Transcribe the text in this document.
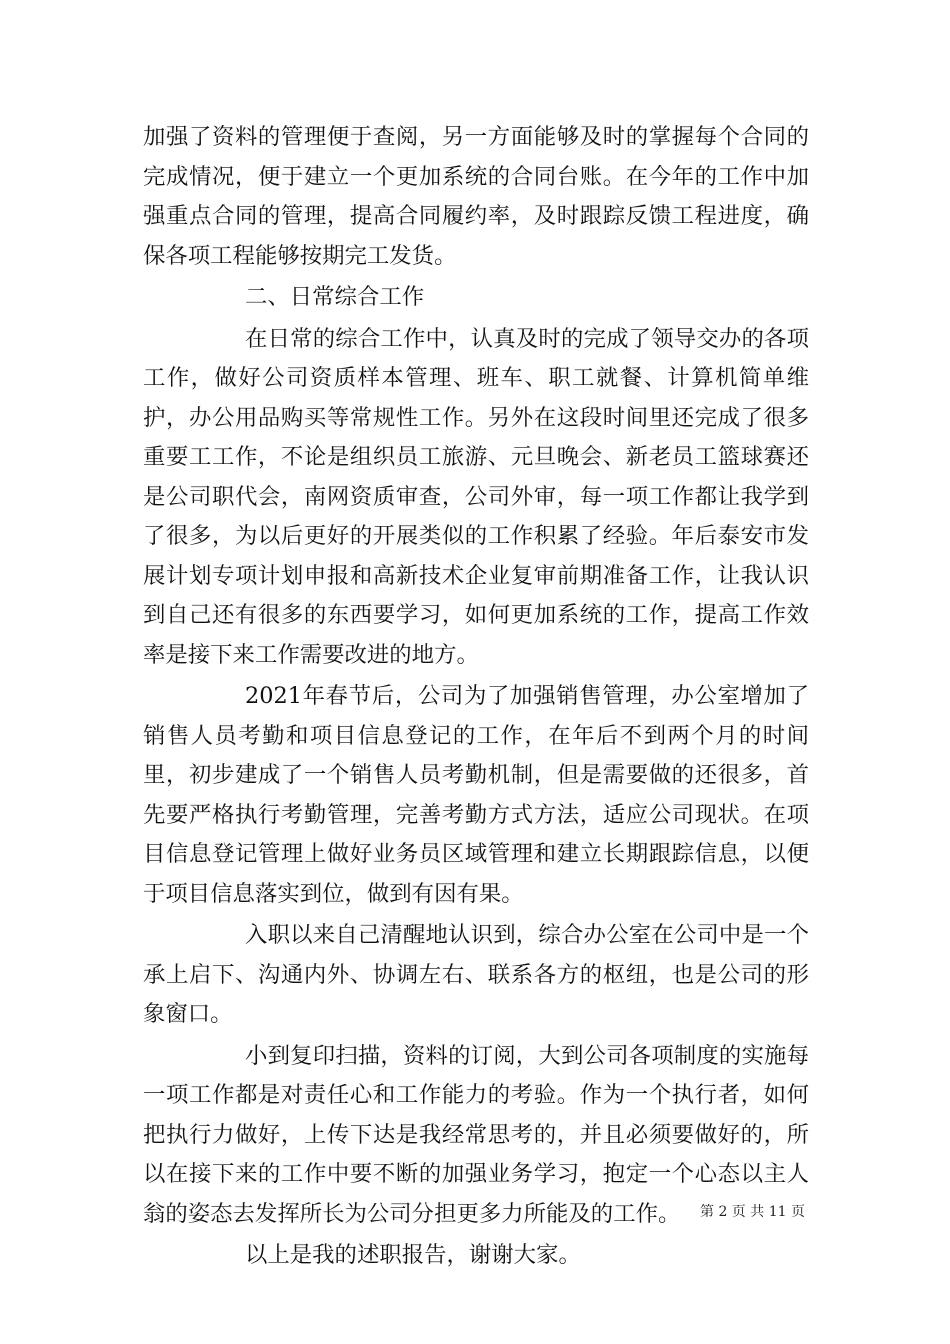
加强了资料的管理便于查阅，另一方面能够及时的掌握每个合同的完成情况，便于建立一个更加系统的合同台账。在今年的工作中加强重点合同的管理，提高合同履约率，及时跟踪反馈工程进度，确保各项工程能够按期完工发货。

二、日常综合工作

在日常的综合工作中，认真及时的完成了领导交办的各项工作，做好公司资质样本管理、班车、职工就餐、计算机简单维护，办公用品购买等常规性工作。另外在这段时间里还完成了很多重要工工作，不论是组织员工旅游、元旦晚会、新老员工篮球赛还是公司职代会，南网资质审查，公司外审，每一项工作都让我学到了很多，为以后更好的开展类似的工作积累了经验。年后泰安市发展计划专项计划申报和高新技术企业复审前期准备工作，让我认识到自己还有很多的东西要学习，如何更加系统的工作，提高工作效率是接下来工作需要改进的地方。

2021年春节后，公司为了加强销售管理，办公室增加了销售人员考勤和项目信息登记的工作，在年后不到两个月的时间里，初步建成了一个销售人员考勤机制，但是需要做的还很多，首先要严格执行考勤管理，完善考勤方式方法，适应公司现状。在项目信息登记管理上做好业务员区域管理和建立长期跟踪信息，以便于项目信息落实到位，做到有因有果。

入职以来自己清醒地认识到，综合办公室在公司中是一个承上启下、沟通内外、协调左右、联系各方的枢纽，也是公司的形象窗口。

小到复印扫描，资料的订阅，大到公司各项制度的实施每一项工作都是对责任心和工作能力的考验。作为一个执行者，如何把执行力做好，上传下达是我经常思考的，并且必须要做好的，所以在接下来的工作中要不断的加强业务学习，抱定一个心态以主人翁的姿态去发挥所长为公司分担更多力所能及的工作。

以上是我的述职报告，谢谢大家。

第 2 页 共 11 页
